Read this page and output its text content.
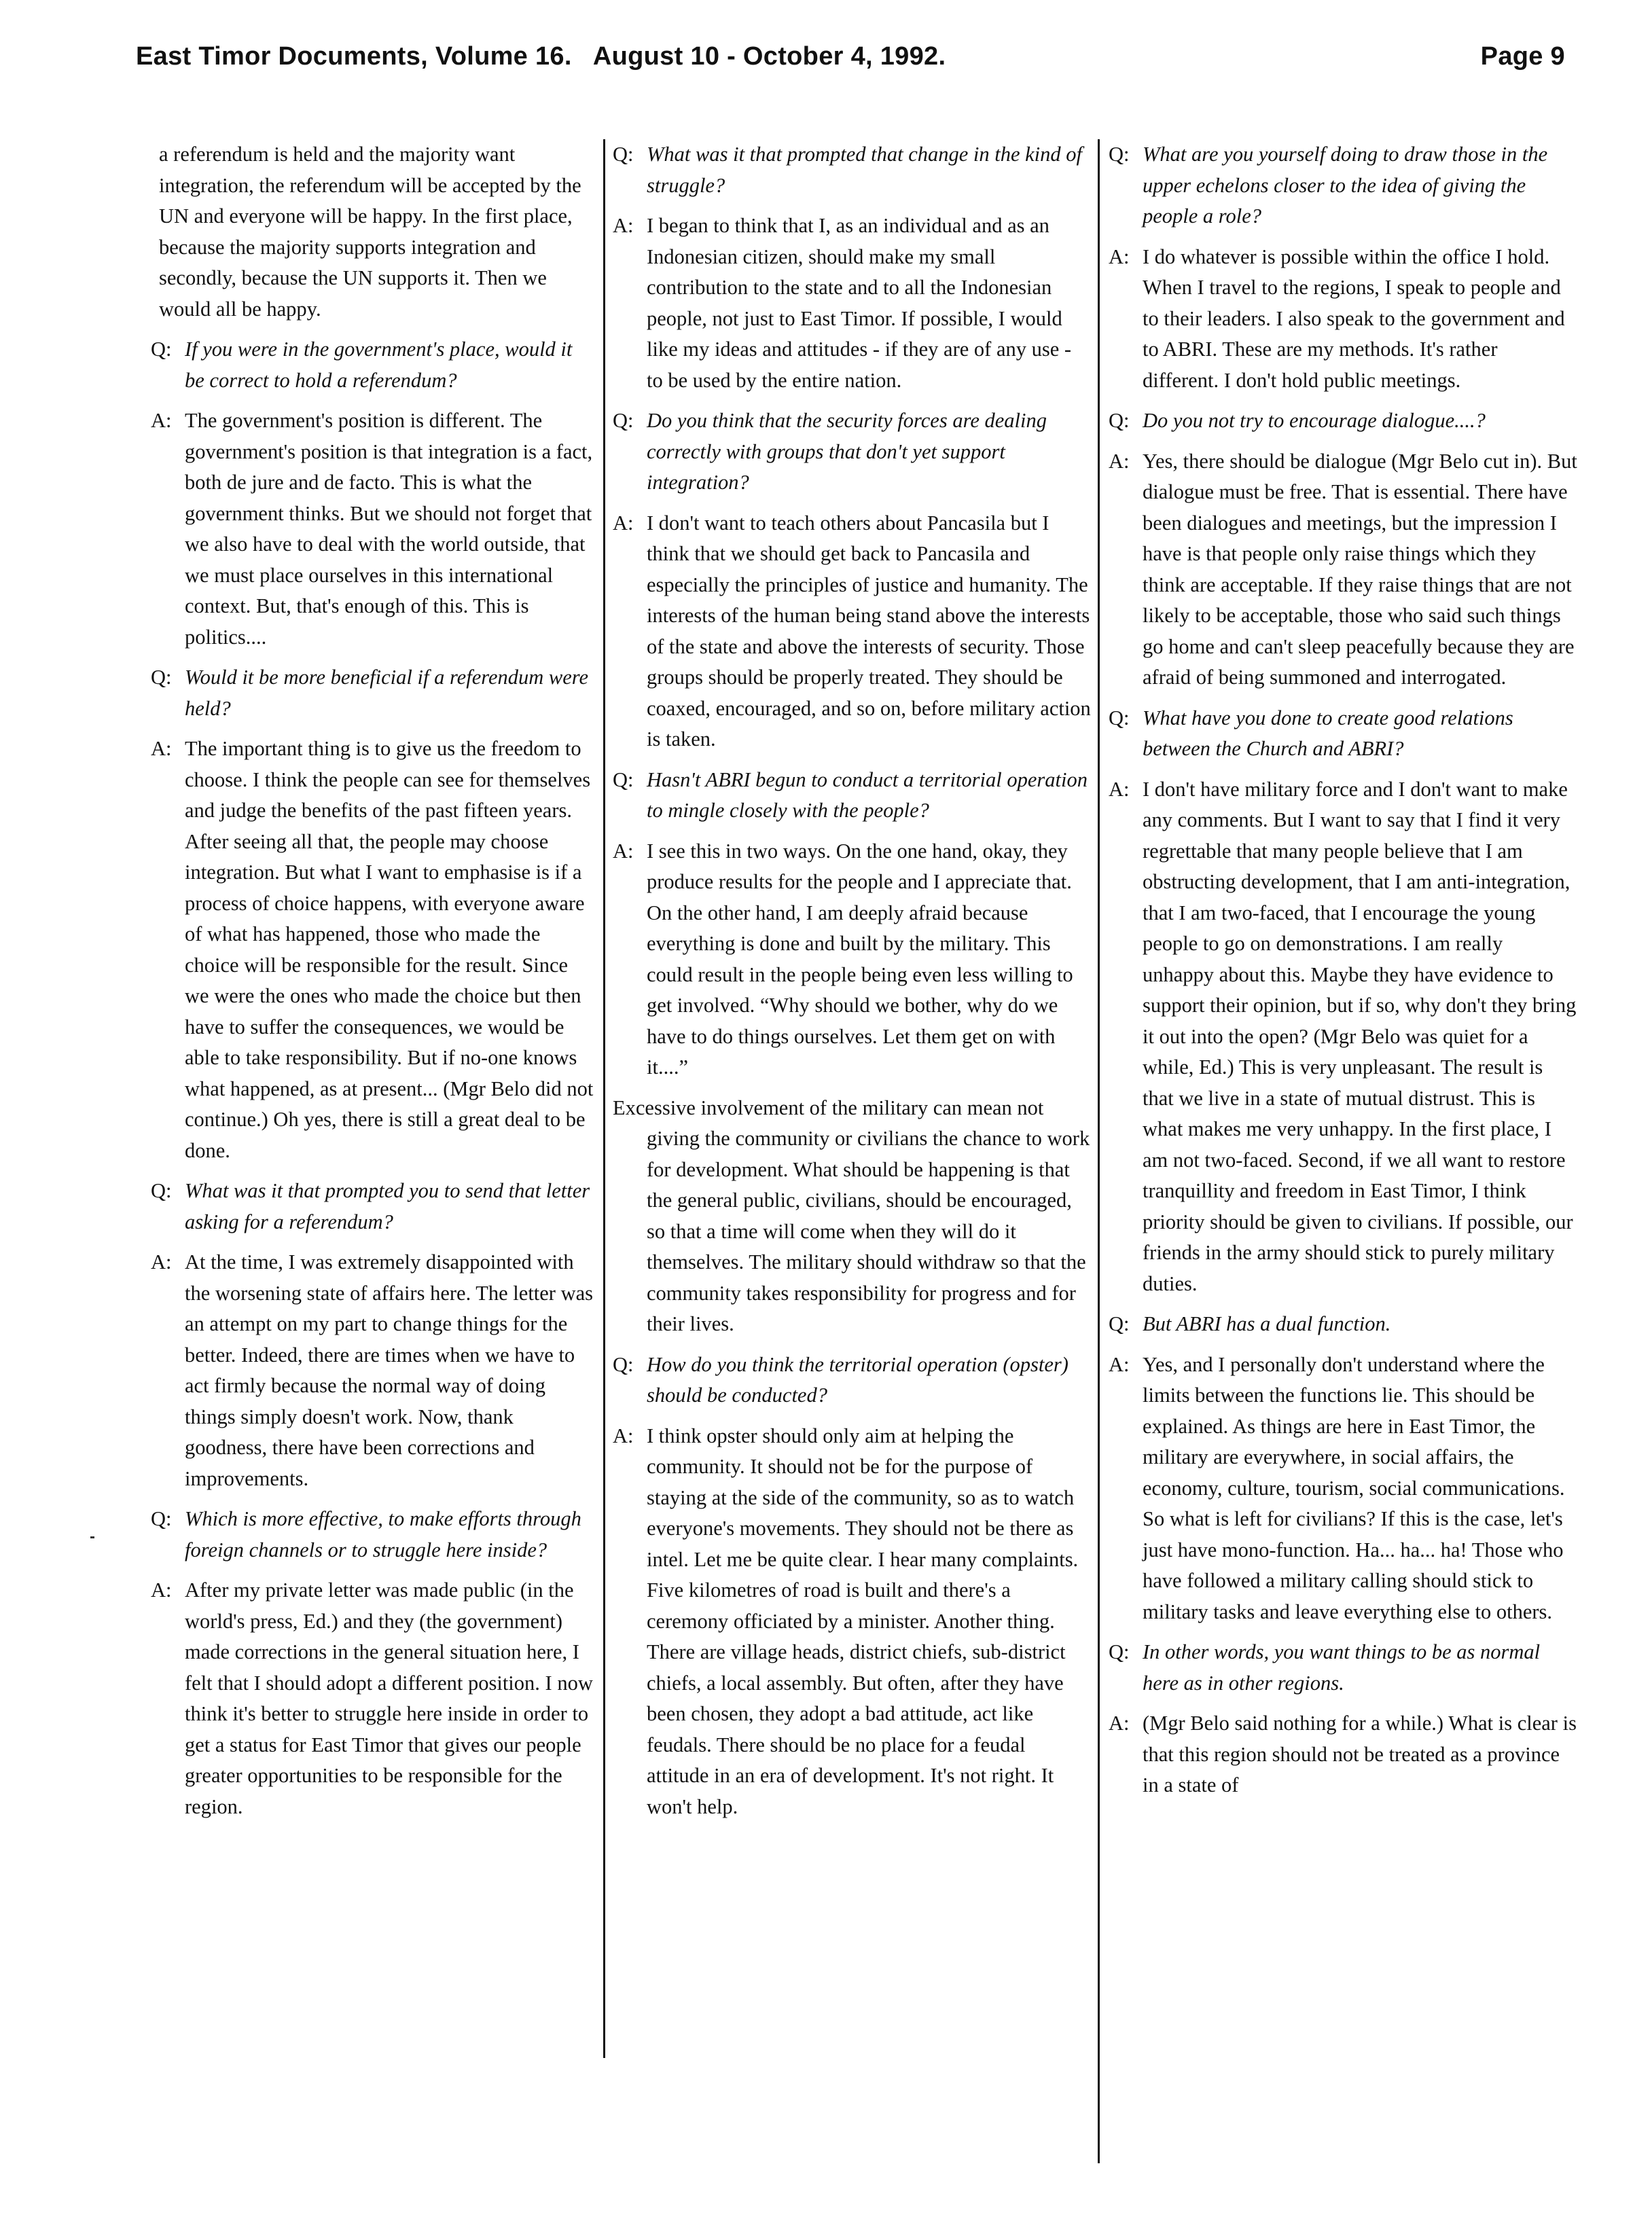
East Timor Documents, Volume 16.   August 10 - October 4, 1992.	Page 9

a referendum is held and the majority want integration, the referendum will be accepted by the UN and everyone will be happy. In the first place, because the majority supports integration and secondly, because the UN supports it. Then we would all be happy.

Q: If you were in the government's place, would it be correct to hold a referendum?

A: The government's position is different. The government's position is that integration is a fact, both de jure and de facto. This is what the government thinks. But we should not forget that we also have to deal with the world outside, that we must place ourselves in this international context. But, that's enough of this. This is politics....

Q: Would it be more beneficial if a referendum were held?

A: The important thing is to give us the freedom to choose. I think the people can see for themselves and judge the benefits of the past fifteen years. After seeing all that, the people may choose integration. But what I want to emphasise is if a process of choice happens, with everyone aware of what has happened, those who made the choice will be responsible for the result. Since we were the ones who made the choice but then have to suffer the consequences, we would be able to take responsibility. But if no-one knows what happened, as at present... (Mgr Belo did not continue.) Oh yes, there is still a great deal to be done.

Q: What was it that prompted you to send that letter asking for a referendum?

A: At the time, I was extremely disappointed with the worsening state of affairs here. The letter was an attempt on my part to change things for the better. Indeed, there are times when we have to act firmly because the normal way of doing things simply doesn't work. Now, thank goodness, there have been corrections and improvements.

Q: Which is more effective, to make efforts through foreign channels or to struggle here inside?

A: After my private letter was made public (in the world's press, Ed.) and they (the government) made corrections in the general situation here, I felt that I should adopt a different position. I now think it's better to struggle here inside in order to get a status for East Timor that gives our people greater opportunities to be responsible for the region.

Q: What was it that prompted that change in the kind of struggle?

A: I began to think that I, as an individual and as an Indonesian citizen, should make my small contribution to the state and to all the Indonesian people, not just to East Timor. If possible, I would like my ideas and attitudes - if they are of any use - to be used by the entire nation.

Q: Do you think that the security forces are dealing correctly with groups that don't yet support integration?

A: I don't want to teach others about Pancasila but I think that we should get back to Pancasila and especially the principles of justice and humanity. The interests of the human being stand above the interests of the state and above the interests of security. Those groups should be properly treated. They should be coaxed, encouraged, and so on, before military action is taken.

Q: Hasn't ABRI begun to conduct a territorial operation to mingle closely with the people?

A: I see this in two ways. On the one hand, okay, they produce results for the people and I appreciate that. On the other hand, I am deeply afraid because everything is done and built by the military. This could result in the people being even less willing to get involved. “Why should we bother, why do we have to do things ourselves. Let them get on with it....”

Excessive involvement of the military can mean not giving the community or civilians the chance to work for development. What should be happening is that the general public, civilians, should be encouraged, so that a time will come when they will do it themselves. The military should withdraw so that the community takes responsibility for progress and for their lives.

Q: How do you think the territorial operation (opster) should be conducted?

A: I think opster should only aim at helping the community. It should not be for the purpose of staying at the side of the community, so as to watch everyone's movements. They should not be there as intel. Let me be quite clear. I hear many complaints. Five kilometres of road is built and there's a ceremony officiated by a minister. Another thing. There are village heads, district chiefs, sub-district chiefs, a local assembly. But often, after they have been chosen, they adopt a bad attitude, act like feudals. There should be no place for a feudal attitude in an era of development. It's not right. It won't help.

Q: What are you yourself doing to draw those in the upper echelons closer to the idea of giving the people a role?

A: I do whatever is possible within the office I hold. When I travel to the regions, I speak to people and to their leaders. I also speak to the government and to ABRI. These are my methods. It's rather different. I don't hold public meetings.

Q: Do you not try to encourage dialogue....?

A: Yes, there should be dialogue (Mgr Belo cut in). But dialogue must be free. That is essential. There have been dialogues and meetings, but the impression I have is that people only raise things which they think are acceptable. If they raise things that are not likely to be acceptable, those who said such things go home and can't sleep peacefully because they are afraid of being summoned and interrogated.

Q: What have you done to create good relations between the Church and ABRI?

A: I don't have military force and I don't want to make any comments. But I want to say that I find it very regrettable that many people believe that I am obstructing development, that I am anti-integration, that I am two-faced, that I encourage the young people to go on demonstrations. I am really unhappy about this. Maybe they have evidence to support their opinion, but if so, why don't they bring it out into the open? (Mgr Belo was quiet for a while, Ed.) This is very unpleasant. The result is that we live in a state of mutual distrust. This is what makes me very unhappy. In the first place, I am not two-faced. Second, if we all want to restore tranquillity and freedom in East Timor, I think priority should be given to civilians. If possible, our friends in the army should stick to purely military duties.

Q: But ABRI has a dual function.

A: Yes, and I personally don't understand where the limits between the functions lie. This should be explained. As things are here in East Timor, the military are everywhere, in social affairs, the economy, culture, tourism, social communications. So what is left for civilians? If this is the case, let's just have mono-function. Ha... ha... ha! Those who have followed a military calling should stick to military tasks and leave everything else to others.

Q: In other words, you want things to be as normal here as in other regions.

A: (Mgr Belo said nothing for a while.) What is clear is that this region should not be treated as a province in a state of
